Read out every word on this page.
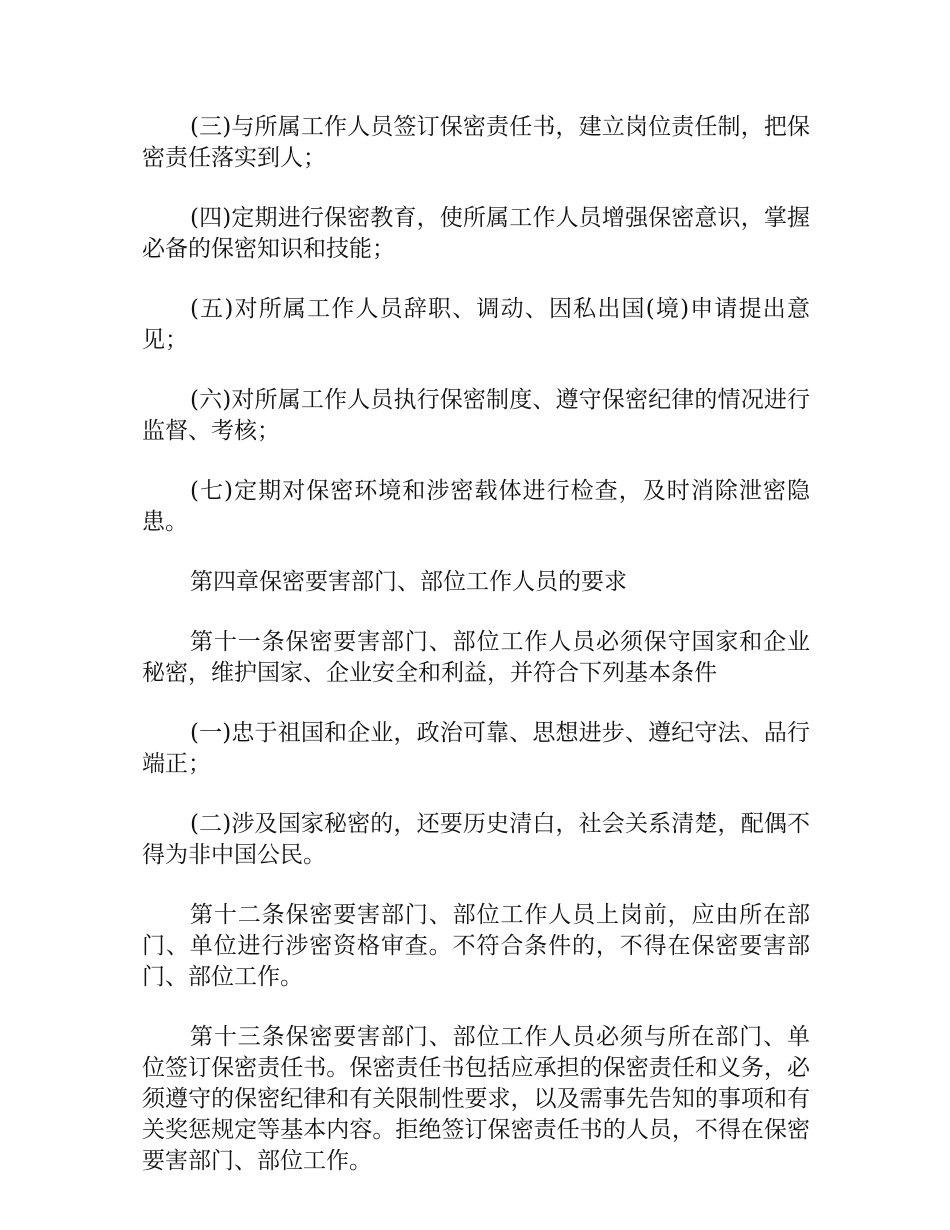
(三)与所属工作人员签订保密责任书，建立岗位责任制，把保密责任落实到人；

(四)定期进行保密教育，使所属工作人员增强保密意识，掌握必备的保密知识和技能；

(五)对所属工作人员辞职、调动、因私出国(境)申请提出意见；

(六)对所属工作人员执行保密制度、遵守保密纪律的情况进行监督、考核；

(七)定期对保密环境和涉密载体进行检查，及时消除泄密隐患。

第四章保密要害部门、部位工作人员的要求

第十一条保密要害部门、部位工作人员必须保守国家和企业秘密，维护国家、企业安全和利益，并符合下列基本条件

(一)忠于祖国和企业，政治可靠、思想进步、遵纪守法、品行端正；

(二)涉及国家秘密的，还要历史清白，社会关系清楚，配偶不得为非中国公民。

第十二条保密要害部门、部位工作人员上岗前，应由所在部门、单位进行涉密资格审查。不符合条件的，不得在保密要害部门、部位工作。

第十三条保密要害部门、部位工作人员必须与所在部门、单位签订保密责任书。保密责任书包括应承担的保密责任和义务，必须遵守的保密纪律和有关限制性要求，以及需事先告知的事项和有关奖惩规定等基本内容。拒绝签订保密责任书的人员，不得在保密要害部门、部位工作。
